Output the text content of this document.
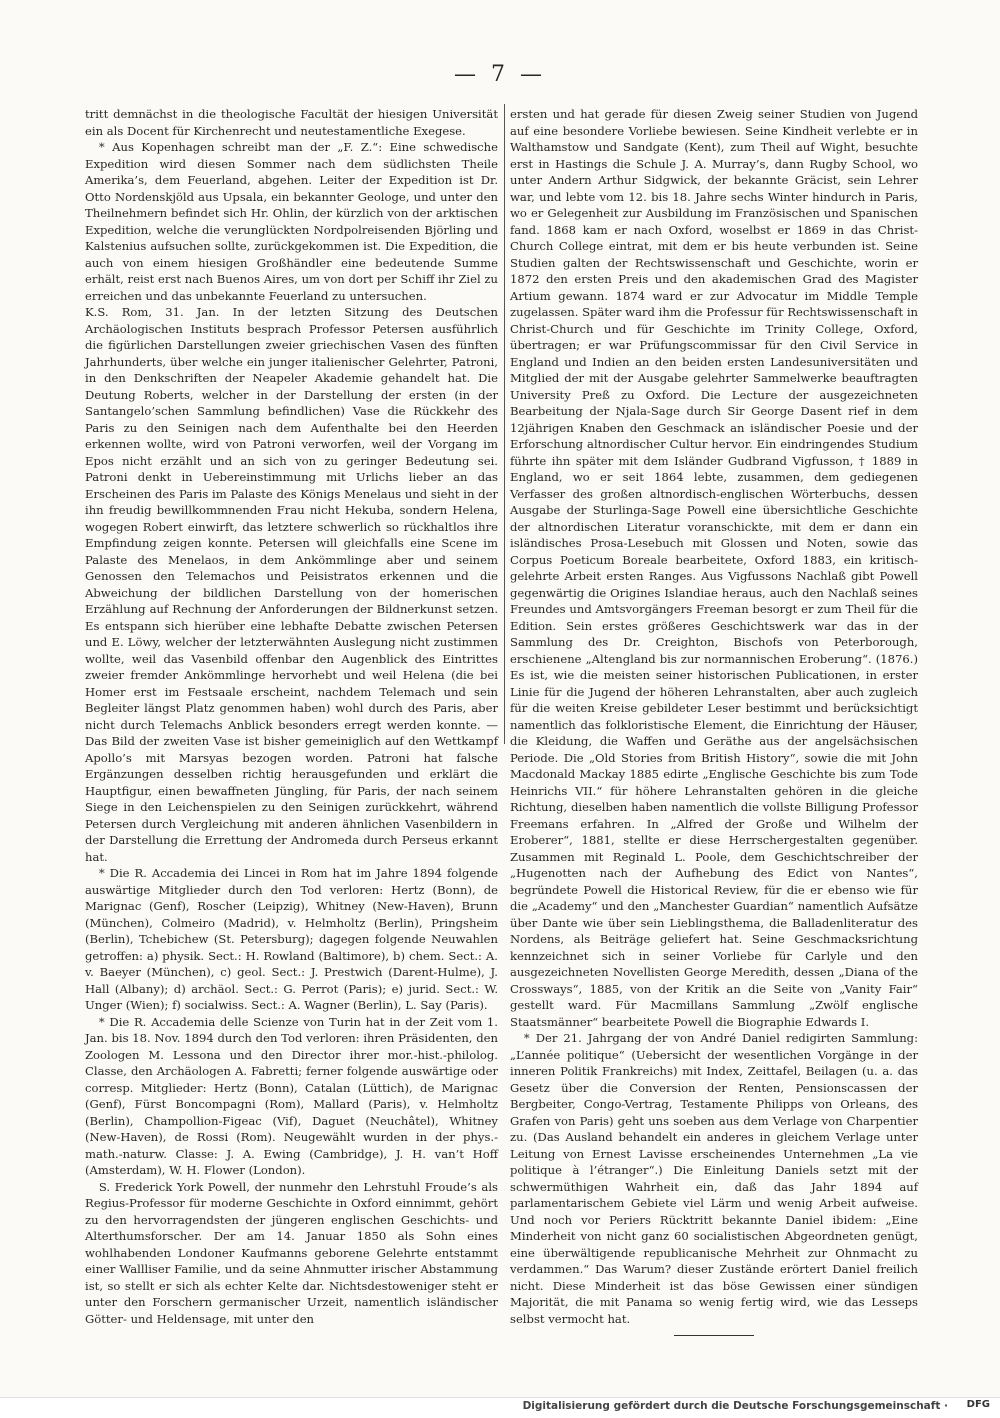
— 7 —

tritt demnächst in die theologische Facultät der hiesigen Universität ein als Docent für Kirchenrecht und neutestamentliche Exegese.

* Aus Kopenhagen schreibt man der „F. Z.“: Eine schwedische Expedition wird diesen Sommer nach dem südlichsten Theile Amerika’s, dem Feuerland, abgehen. Leiter der Expedition ist Dr. Otto Nordenskjöld aus Upsala, ein bekannter Geologe, und unter den Theilnehmern befindet sich Hr. Ohlin, der kürzlich von der arktischen Expedition, welche die verunglückten Nordpolreisenden Björling und Kalstenius aufsuchen sollte, zurückgekommen ist. Die Expedition, die auch von einem hiesigen Großhändler eine bedeutende Summe erhält, reist erst nach Buenos Aires, um von dort per Schiff ihr Ziel zu erreichen und das unbekannte Feuerland zu untersuchen.

K.S. Rom, 31. Jan. In der letzten Sitzung des Deutschen Archäologischen Instituts besprach Professor Petersen ausführlich die figürlichen Darstellungen zweier griechischen Vasen des fünften Jahrhunderts, über welche ein junger italienischer Gelehrter, Patroni, in den Denkschriften der Neapeler Akademie gehandelt hat. Die Deutung Roberts, welcher in der Darstellung der ersten (in der Santangelo’schen Sammlung befindlichen) Vase die Rückkehr des Paris zu den Seinigen nach dem Aufenthalte bei den Heerden erkennen wollte, wird von Patroni verworfen, weil der Vorgang im Epos nicht erzählt und an sich von zu geringer Bedeutung sei. Patroni denkt in Uebereinstimmung mit Urlichs lieber an das Erscheinen des Paris im Palaste des Königs Menelaus und sieht in der ihn freudig bewillkommnenden Frau nicht Hekuba, sondern Helena, wogegen Robert einwirft, das letztere schwerlich so rückhaltlos ihre Empfindung zeigen konnte. Petersen will gleichfalls eine Scene im Palaste des Menelaos, in dem Ankömmlinge aber und seinem Genossen den Telemachos und Peisistratos erkennen und die Abweichung der bildlichen Darstellung von der homerischen Erzählung auf Rechnung der Anforderungen der Bildnerkunst setzen. Es entspann sich hierüber eine lebhafte Debatte zwischen Petersen und E. Löwy, welcher der letzterwähnten Auslegung nicht zustimmen wollte, weil das Vasenbild offenbar den Augenblick des Eintrittes zweier fremder Ankömmlinge hervorhebt und weil Helena (die bei Homer erst im Festsaale erscheint, nachdem Telemach und sein Begleiter längst Platz genommen haben) wohl durch des Paris, aber nicht durch Telemachs Anblick besonders erregt werden konnte. — Das Bild der zweiten Vase ist bisher gemeiniglich auf den Wettkampf Apollo’s mit Marsyas bezogen worden. Patroni hat falsche Ergänzungen desselben richtig herausgefunden und erklärt die Hauptfigur, einen bewaffneten Jüngling, für Paris, der nach seinem Siege in den Leichenspielen zu den Seinigen zurückkehrt, während Petersen durch Vergleichung mit anderen ähnlichen Vasenbildern in der Darstellung die Errettung der Andromeda durch Perseus erkannt hat.

* Die R. Accademia dei Lincei in Rom hat im Jahre 1894 folgende auswärtige Mitglieder durch den Tod verloren: Hertz (Bonn), de Marignac (Genf), Roscher (Leipzig), Whitney (New-Haven), Brunn (München), Colmeiro (Madrid), v. Helmholtz (Berlin), Pringsheim (Berlin), Tchebichew (St. Petersburg); dagegen folgende Neuwahlen getroffen: a) physik. Sect.: H. Rowland (Baltimore), b) chem. Sect.: A. v. Baeyer (München), c) geol. Sect.: J. Prestwich (Darent-Hulme), J. Hall (Albany); d) archäol. Sect.: G. Perrot (Paris); e) jurid. Sect.: W. Unger (Wien); f) socialwiss. Sect.: A. Wagner (Berlin), L. Say (Paris).

* Die R. Accademia delle Scienze von Turin hat in der Zeit vom 1. Jan. bis 18. Nov. 1894 durch den Tod verloren: ihren Präsidenten, den Zoologen M. Lessona und den Director ihrer mor.-hist.-philolog. Classe, den Archäologen A. Fabretti; ferner folgende auswärtige oder corresp. Mitglieder: Hertz (Bonn), Catalan (Lüttich), de Marignac (Genf), Fürst Boncompagni (Rom), Mallard (Paris), v. Helmholtz (Berlin), Champollion-Figeac (Vif), Daguet (Neuchâtel), Whitney (New-Haven), de Rossi (Rom). Neugewählt wurden in der phys.-math.-naturw. Classe: J. A. Ewing (Cambridge), J. H. van’t Hoff (Amsterdam), W. H. Flower (London).

S. Frederick York Powell, der nunmehr den Lehrstuhl Froude’s als Regius-Professor für moderne Geschichte in Oxford einnimmt, gehört zu den hervorragendsten der jüngeren englischen Geschichts- und Alterthumsforscher. Der am 14. Januar 1850 als Sohn eines wohlhabenden Londoner Kaufmanns geborene Gelehrte entstammt einer Wallliser Familie, und da seine Ahnmutter irischer Abstammung ist, so stellt er sich als echter Kelte dar. Nichtsdestoweniger steht er unter den Forschern germanischer Urzeit, namentlich isländischer Götter- und Heldensage, mit unter den

ersten und hat gerade für diesen Zweig seiner Studien von Jugend auf eine besondere Vorliebe bewiesen. Seine Kindheit verlebte er in Walthamstow und Sandgate (Kent), zum Theil auf Wight, besuchte erst in Hastings die Schule J. A. Murray’s, dann Rugby School, wo unter Andern Arthur Sidgwick, der bekannte Gräcist, sein Lehrer war, und lebte vom 12. bis 18. Jahre sechs Winter hindurch in Paris, wo er Gelegenheit zur Ausbildung im Französischen und Spanischen fand. 1868 kam er nach Oxford, woselbst er 1869 in das Christ-Church College eintrat, mit dem er bis heute verbunden ist. Seine Studien galten der Rechtswissenschaft und Geschichte, worin er 1872 den ersten Preis und den akademischen Grad des Magister Artium gewann. 1874 ward er zur Advocatur im Middle Temple zugelassen. Später ward ihm die Professur für Rechtswissenschaft in Christ-Church und für Geschichte im Trinity College, Oxford, übertragen; er war Prüfungscommissar für den Civil Service in England und Indien an den beiden ersten Landesuniversitäten und Mitglied der mit der Ausgabe gelehrter Sammelwerke beauftragten University Preß zu Oxford. Die Lecture der ausgezeichneten Bearbeitung der Njala-Sage durch Sir George Dasent rief in dem 12jährigen Knaben den Geschmack an isländischer Poesie und der Erforschung altnordischer Cultur hervor. Ein eindringendes Studium führte ihn später mit dem Isländer Gudbrand Vigfusson, † 1889 in England, wo er seit 1864 lebte, zusammen, dem gediegenen Verfasser des großen altnordisch-englischen Wörterbuchs, dessen Ausgabe der Sturlinga-Sage Powell eine übersichtliche Geschichte der altnordischen Literatur voranschickte, mit dem er dann ein isländisches Prosa-Lesebuch mit Glossen und Noten, sowie das Corpus Poeticum Boreale bearbeitete, Oxford 1883, ein kritisch-gelehrte Arbeit ersten Ranges. Aus Vigfussons Nachlaß gibt Powell gegenwärtig die Origines Islandiae heraus, auch den Nachlaß seines Freundes und Amtsvorgängers Freeman besorgt er zum Theil für die Edition. Sein erstes größeres Geschichtswerk war das in der Sammlung des Dr. Creighton, Bischofs von Peterborough, erschienene „Altengland bis zur normannischen Eroberung“. (1876.) Es ist, wie die meisten seiner historischen Publicationen, in erster Linie für die Jugend der höheren Lehranstalten, aber auch zugleich für die weiten Kreise gebildeter Leser bestimmt und berücksichtigt namentlich das folkloristische Element, die Einrichtung der Häuser, die Kleidung, die Waffen und Geräthe aus der angelsächsischen Periode. Die „Old Stories from British History“, sowie die mit John Macdonald Mackay 1885 edirte „Englische Geschichte bis zum Tode Heinrichs VII.“ für höhere Lehranstalten gehören in die gleiche Richtung, dieselben haben namentlich die vollste Billigung Professor Freemans erfahren. In „Alfred der Große und Wilhelm der Eroberer“, 1881, stellte er diese Herrschergestalten gegenüber. Zusammen mit Reginald L. Poole, dem Geschichtschreiber der „Hugenotten nach der Aufhebung des Edict von Nantes“, begründete Powell die Historical Review, für die er ebenso wie für die „Academy“ und den „Manchester Guardian“ namentlich Aufsätze über Dante wie über sein Lieblingsthema, die Balladenliteratur des Nordens, als Beiträge geliefert hat. Seine Geschmacksrichtung kennzeichnet sich in seiner Vorliebe für Carlyle und den ausgezeichneten Novellisten George Meredith, dessen „Diana of the Crossways“, 1885, von der Kritik an die Seite von „Vanity Fair“ gestellt ward. Für Macmillans Sammlung „Zwölf englische Staatsmänner“ bearbeitete Powell die Biographie Edwards I.

* Der 21. Jahrgang der von André Daniel redigirten Sammlung: „L’année politique“ (Uebersicht der wesentlichen Vorgänge in der inneren Politik Frankreichs) mit Index, Zeittafel, Beilagen (u. a. das Gesetz über die Conversion der Renten, Pensionscassen der Bergbeiter, Congo-Vertrag, Testamente Philipps von Orleans, des Grafen von Paris) geht uns soeben aus dem Verlage von Charpentier zu. (Das Ausland behandelt ein anderes in gleichem Verlage unter Leitung von Ernest Lavisse erscheinendes Unternehmen „La vie politique à l’étranger“.) Die Einleitung Daniels setzt mit der schwermüthigen Wahrheit ein, daß das Jahr 1894 auf parlamentarischem Gebiete viel Lärm und wenig Arbeit aufweise. Und noch vor Periers Rücktritt bekannte Daniel ibidem: „Eine Minderheit von nicht ganz 60 socialistischen Abgeordneten genügt, eine überwältigende republicanische Mehrheit zur Ohnmacht zu verdammen.“ Das Warum? dieser Zustände erörtert Daniel freilich nicht. Diese Minderheit ist das böse Gewissen einer sündigen Majorität, die mit Panama so wenig fertig wird, wie das Lesseps selbst vermocht hat.

Digitalisierung gefördert durch die Deutsche Forschungsgemeinschaft · DFG
